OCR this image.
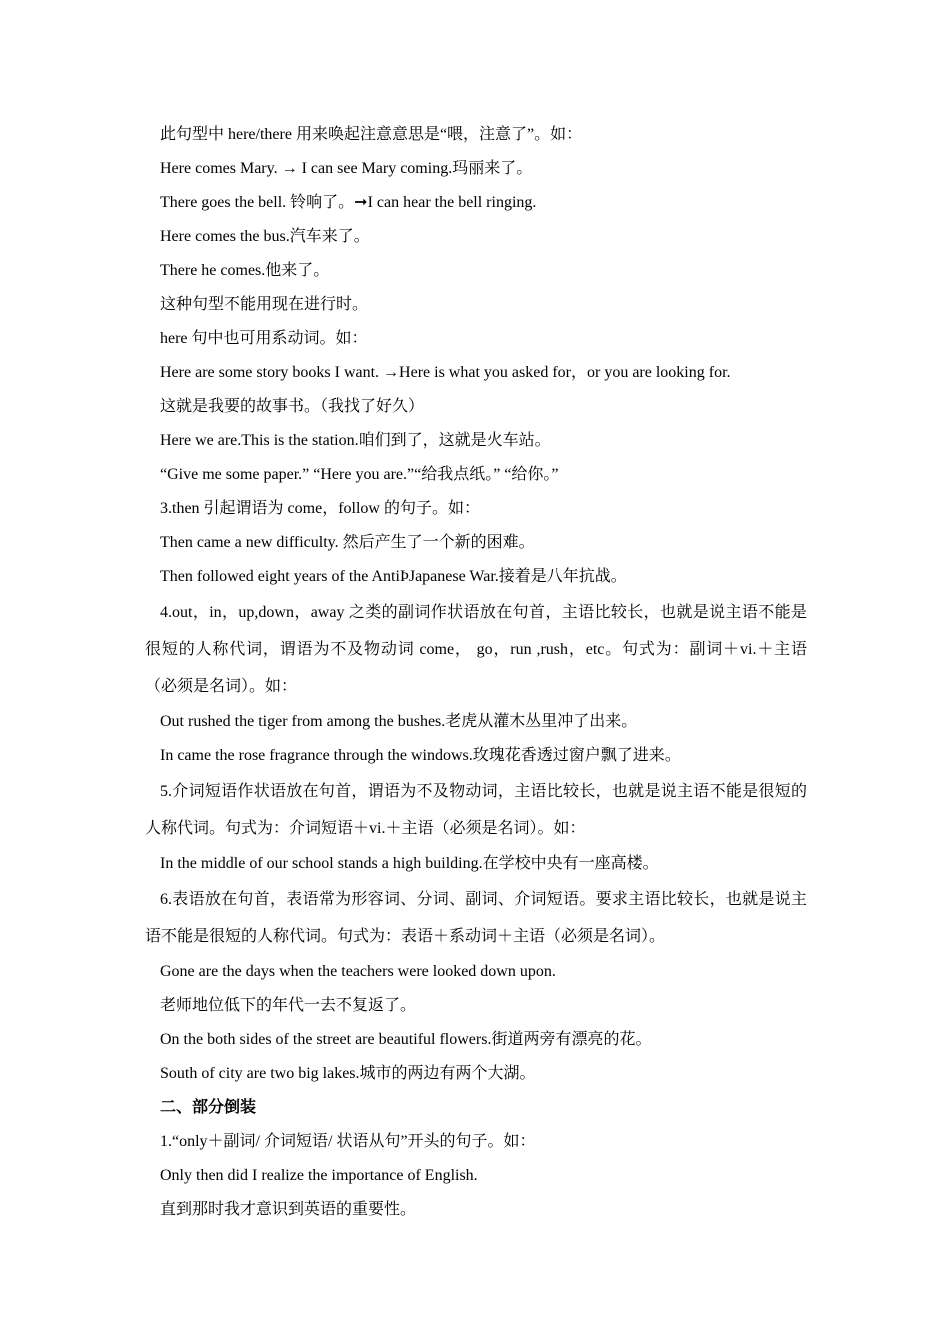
此句型中 here/there 用来唤起注意意思是“喂，注意了”。如：

Here comes Mary. → I can see Mary coming.玛丽来了。

There goes the bell. 铃响了。➞I can hear the bell ringing.

Here comes the bus.汽车来了。

There he comes.他来了。

这种句型不能用现在进行时。

here 句中也可用系动词。如：

Here are some story books I want. →Here is what you asked for，or you are looking for.

这就是我要的故事书。（我找了好久）

Here we are.This is the station.咱们到了，这就是火车站。

“Give me some paper.” “Here you are.”“给我点纸。” “给你。”

3.then 引起谓语为 come，follow 的句子。如：

Then came a new difficulty. 然后产生了一个新的困难。

Then followed eight years of the AntiÞJapanese War.接着是八年抗战。

4.out，in，up,down，away 之类的副词作状语放在句首，主语比较长，也就是说主语不能是很短的人称代词，谓语为不及物动词 come， go，run ,rush，etc。句式为：副词＋vi.＋主语（必须是名词）。如：

Out rushed the tiger from among the bushes.老虎从灌木丛里冲了出来。

In came the rose fragrance through the windows.玫瑰花香透过窗户飘了进来。

5.介词短语作状语放在句首，谓语为不及物动词，主语比较长，也就是说主语不能是很短的人称代词。句式为：介词短语＋vi.＋主语（必须是名词）。如：

In the middle of our school stands a high building.在学校中央有一座高楼。

6.表语放在句首，表语常为形容词、分词、副词、介词短语。要求主语比较长，也就是说主语不能是很短的人称代词。句式为：表语＋系动词＋主语（必须是名词）。

Gone are the days when the teachers were looked down upon.

老师地位低下的年代一去不复返了。

On the both sides of the street are beautiful flowers.街道两旁有漂亮的花。

South of city are two big lakes.城市的两边有两个大湖。

二、部分倒装

1.“only＋副词/ 介词短语/ 状语从句”开头的句子。如：

Only then did I realize the importance of English.

直到那时我才意识到英语的重要性。
